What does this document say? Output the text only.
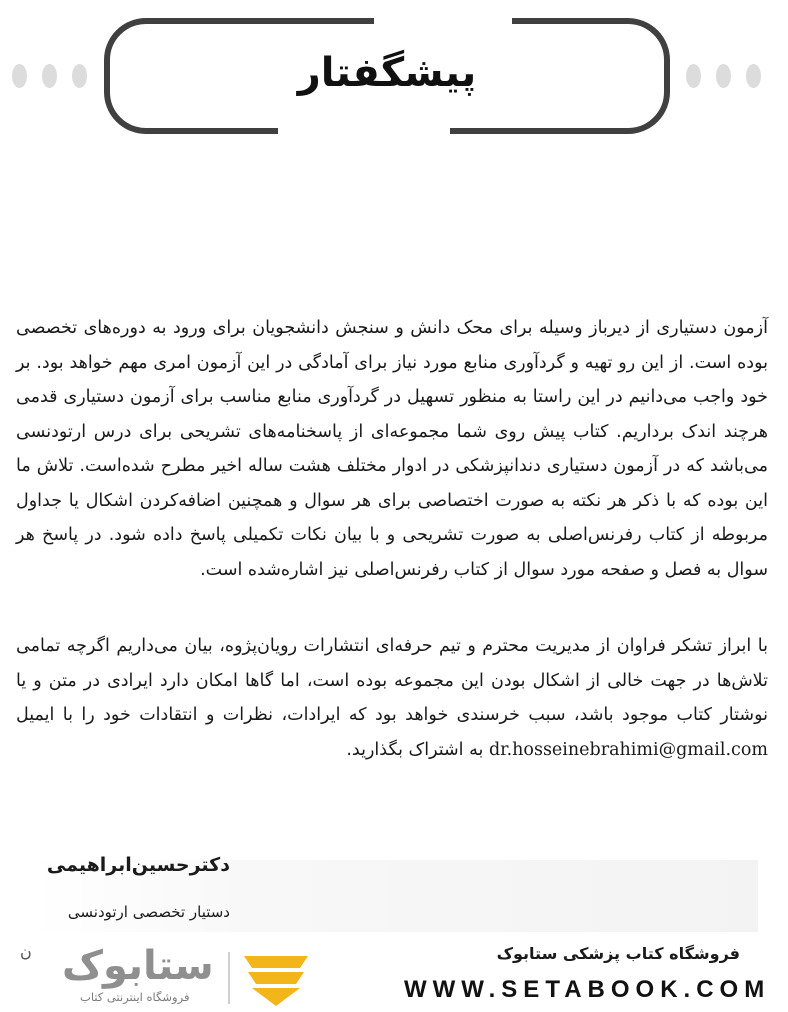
پیشگفتار

آزمون دستیاری از دیرباز وسیله برای محک دانش و سنجش دانشجویان برای ورود به دوره‌های تخصصی بوده است. از این رو تهیه و گردآوری منابع مورد نیاز برای آمادگی در این آزمون امری مهم خواهد بود. بر خود واجب می‌دانیم در این راستا به منظور تسهیل در گردآوری منابع مناسب برای آزمون دستیاری قدمی هرچند اندک برداریم. کتاب پیش روی شما مجموعه‌ای از پاسخنامه‌های تشریحی برای درس ارتودنسی می‌باشد که در آزمون دستیاری دندانپزشکی در ادوار مختلف هشت ساله اخیر مطرح شده‌است. تلاش ما این بوده که با ذکر هر نکته به صورت اختصاصی برای هر سوال و همچنین اضافه‌کردن اشکال یا جداول مربوطه از کتاب رفرنس‌اصلی به صورت تشریحی و با بیان نکات تکمیلی پاسخ داده شود. در پاسخ هر سوال به فصل و صفحه مورد سوال از کتاب رفرنس‌اصلی نیز اشاره‌شده است.

با ابراز تشکر فراوان از مدیریت محترم و تیم حرفه‌ای انتشارات رویان‌پژوه، بیان می‌داریم اگرچه تمامی تلاش‌ها در جهت خالی از اشکال بودن این مجموعه بوده است، اما گاها امکان دارد ایرادی در متن و یا نوشتار کتاب موجود باشد، سبب خرسندی خواهد بود که ایرادات، نظرات و انتقادات خود را با ایمیل dr.hosseinebrahimi@gmail.com به اشتراک بگذارید.

دکترحسین‌ابراهیمی
دستیار تخصصی ارتودنسی
ن ستابوک
فروشگاه اینترنتی کتاب
فروشگاه کتاب پزشکی ستابوک
WWW.SETABOOK.COM
